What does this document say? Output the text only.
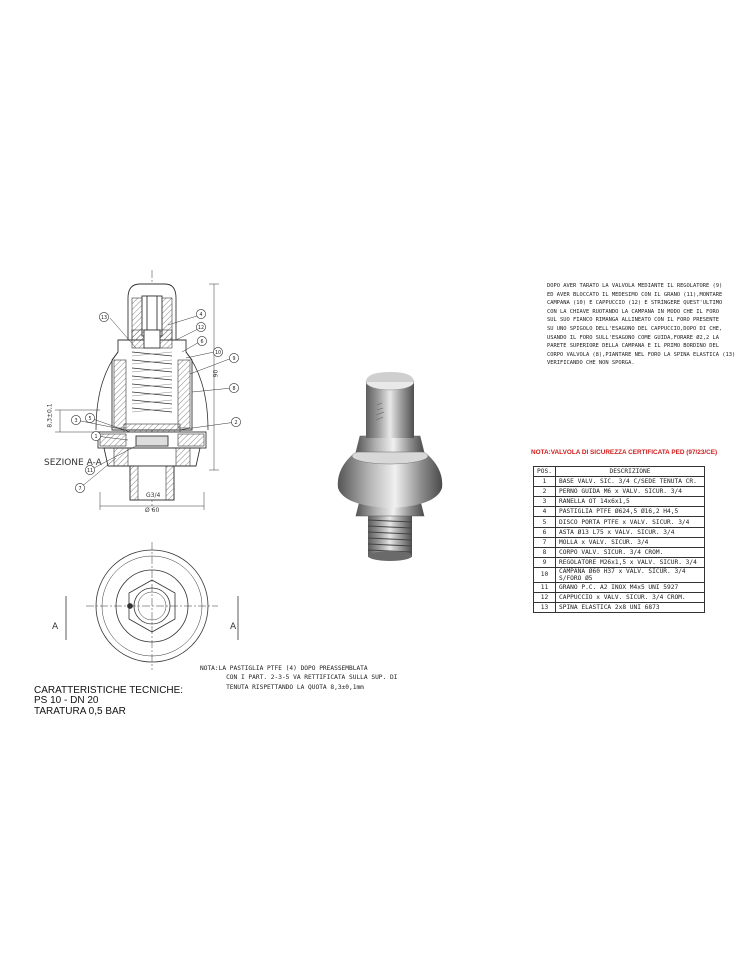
13
4
12
6
10
9
8
5
2
3
1
11
7
SEZIONE A-A
A	A
90
8,3±0,1
G3/4
Ø 60
DOPO AVER TARATO LA VALVOLA MEDIANTE IL REGOLATORE (9)
ED AVER BLOCCATO IL MEDESIMO CON IL GRANO (11),MONTARE
CAMPANA (10) E CAPPUCCIO (12) E STRINGERE QUEST'ULTIMO
CON LA CHIAVE RUOTANDO LA CAMPANA IN MODO CHE IL FORO
SUL SUO FIANCO RIMANGA ALLINEATO CON IL FORO PRESENTE
SU UNO SPIGOLO DELL'ESAGONO DEL CAPPUCCIO,DOPO DI CHE,
USANDO IL FORO SULL'ESAGONO COME GUIDA,FORARE Ø2,2 LA
PARETE SUPERIORE DELLA CAMPANA E IL PRIMO BORDINO DEL
CORPO VALVOLA (8),PIANTARE NEL FORO LA SPINA ELASTICA (13)
VERIFICANDO CHE NON SPORGA.
NOTA:VALVOLA DI SICUREZZA CERTIFICATA PED (97/23/CE)
POS.	DESCRIZIONE
1	BASE VALV. SIC. 3/4 C/SEDE TENUTA CR.
2	PERNO GUIDA M6 x VALV. SICUR. 3/4
3	RANELLA OT 14x6x1,5
4	PASTIGLIA PTFE Ø624,5 Ø16,2 H4,5
5	DISCO PORTA PTFE x VALV. SICUR. 3/4
6	ASTA Ø13 L75 x VALV. SICUR. 3/4
7	MOLLA x VALV. SICUR. 3/4
8	CORPO VALV. SICUR. 3/4 CROM.
9	REGOLATORE M26x1,5 x VALV. SICUR. 3/4
10	CAMPANA Ø60 H37 x VALV. SICUR. 3/4 S/FORO Ø5
11	GRANO P.C. A2 INOX M4x5 UNI 5927
12	CAPPUCCIO x VALV. SICUR. 3/4 CROM.
13	SPINA ELASTICA 2x8 UNI 6873
NOTA:LA PASTIGLIA PTFE (4) DOPO PREASSEMBLATA
CON I PART. 2-3-5 VA RETTIFICATA SULLA SUP. DI
TENUTA RISPETTANDO LA QUOTA 8,3±0,1mm
CARATTERISTICHE TECNICHE:
PS 10 - DN 20
TARATURA 0,5 BAR
